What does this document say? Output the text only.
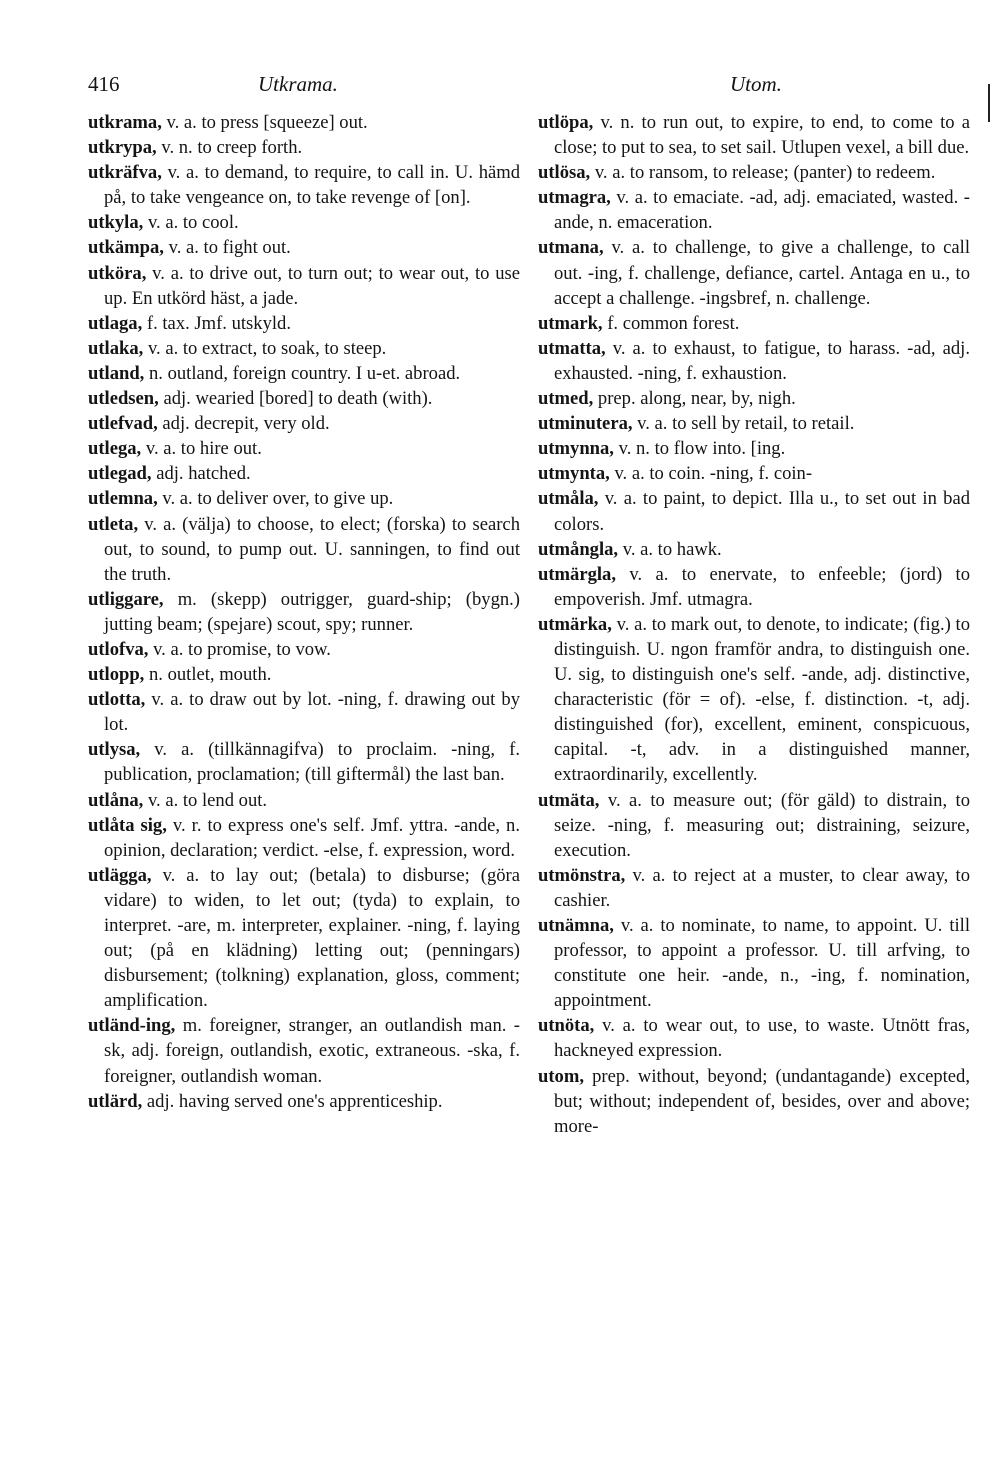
416	Utkrama.	Utom.
utkrama, v. a. to press [squeeze] out.
utkrypa, v. n. to creep forth.
utkräfva, v. a. to demand, to require, to call in. U. hämd på, to take vengeance on, to take revenge of [on].
utkyla, v. a. to cool.
utkämpa, v. a. to fight out.
utköra, v. a. to drive out, to turn out; to wear out, to use up. En utkörd häst, a jade.
utlaga, f. tax. Jmf. utskyld.
utlaka, v. a. to extract, to soak, to steep.
utland, n. outland, foreign country. I u-et. abroad.
utledsen, adj. wearied [bored] to death (with).
utlefvad, adj. decrepit, very old.
utlega, v. a. to hire out.
utlegad, adj. hatched.
utlemna, v. a. to deliver over, to give up.
utleta, v. a. (välja) to choose, to elect; (forska) to search out, to sound, to pump out. U. sanningen, to find out the truth.
utliggare, m. (skepp) outrigger, guard-ship; (bygn.) jutting beam; (spejare) scout, spy; runner.
utlofva, v. a. to promise, to vow.
utlopp, n. outlet, mouth.
utlotta, v. a. to draw out by lot. -ning, f. drawing out by lot.
utlysa, v. a. (tillkännagifva) to proclaim. -ning, f. publication, proclamation; (till giftermål) the last ban.
utlåna, v. a. to lend out.
utlåta sig, v. r. to express one's self. Jmf. yttra. -ande, n. opinion, declaration; verdict. -else, f. expression, word.
utlägga, v. a. to lay out; (betala) to disburse; (göra vidare) to widen, to let out; (tyda) to explain, to interpret. -are, m. interpreter, explainer. -ning, f. laying out; (på en klädning) letting out; (penningars) disbursement; (tolkning) explanation, gloss, comment; amplification.
utländ-ing, m. foreigner, stranger, an outlandish man. -sk, adj. foreign, outlandish, exotic, extraneous. -ska, f. foreigner, outlandish woman.
utlärd, adj. having served one's apprenticeship.
utlöpa, v. n. to run out, to expire, to end, to come to a close; to put to sea, to set sail. Utlupen vexel, a bill due.
utlösa, v. a. to ransom, to release; (panter) to redeem.
utmagra, v. a. to emaciate. -ad, adj. emaciated, wasted. -ande, n. emaceration.
utmana, v. a. to challenge, to give a challenge, to call out. -ing, f. challenge, defiance, cartel. Antaga en u., to accept a challenge. -ingsbref, n. challenge.
utmark, f. common forest.
utmatta, v. a. to exhaust, to fatigue, to harass. -ad, adj. exhausted. -ning, f. exhaustion.
utmed, prep. along, near, by, nigh.
utminutera, v. a. to sell by retail, to retail.
utmynna, v. n. to flow into. [ing.
utmynta, v. a. to coin. -ning, f. coin-
utmåla, v. a. to paint, to depict. Illa u., to set out in bad colors.
utmångla, v. a. to hawk.
utmärgla, v. a. to enervate, to enfeeble; (jord) to empoverish. Jmf. utmagra.
utmärka, v. a. to mark out, to denote, to indicate; (fig.) to distinguish. U. ngon framför andra, to distinguish one. U. sig, to distinguish one's self. -ande, adj. distinctive, characteristic (för = of). -else, f. distinction. -t, adj. distinguished (for), excellent, eminent, conspicuous, capital. -t, adv. in a distinguished manner, extraordinarily, excellently.
utmäta, v. a. to measure out; (för gäld) to distrain, to seize. -ning, f. measuring out; distraining, seizure, execution.
utmönstra, v. a. to reject at a muster, to clear away, to cashier.
utnämna, v. a. to nominate, to name, to appoint. U. till professor, to appoint a professor. U. till arfving, to constitute one heir. -ande, n., -ing, f. nomination, appointment.
utnöta, v. a. to wear out, to use, to waste. Utnött fras, hackneyed expression.
utom, prep. without, beyond; (undantagande) excepted, but; without; independent of, besides, over and above; more-
